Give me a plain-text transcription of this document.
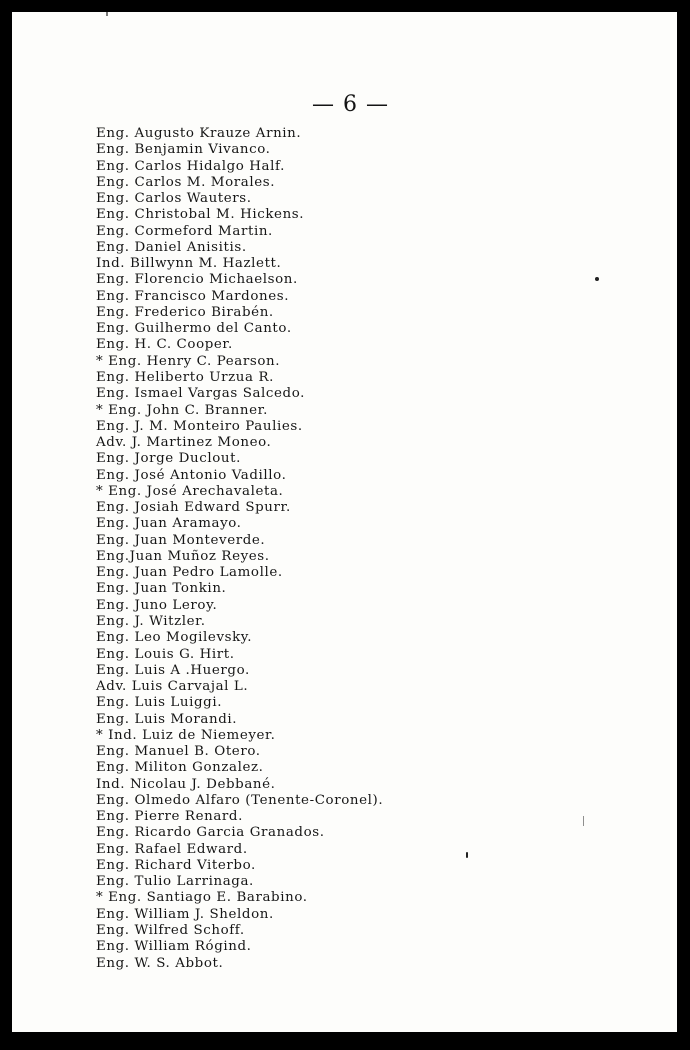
— 6 —
Eng. Augusto Krauze Arnin.
Eng. Benjamin Vivanco.
Eng. Carlos Hidalgo Half.
Eng. Carlos M. Morales.
Eng. Carlos Wauters.
Eng. Christobal M. Hickens.
Eng. Cormeford Martin.
Eng. Daniel Anisitis.
Ind. Billwynn M. Hazlett.
Eng. Florencio Michaelson.
Eng. Francisco Mardones.
Eng. Frederico Birabén.
Eng. Guilhermo del Canto.
Eng. H. C. Cooper.
* Eng. Henry C. Pearson.
Eng. Heliberto Urzua R.
Eng. Ismael Vargas Salcedo.
* Eng. John C. Branner.
Eng. J. M. Monteiro Paulies.
Adv. J. Martinez Moneo.
Eng. Jorge Duclout.
Eng. José Antonio Vadillo.
* Eng. José Arechavaleta.
Eng. Josiah Edward Spurr.
Eng. Juan Aramayo.
Eng. Juan Monteverde.
Eng.Juan Muñoz Reyes.
Eng. Juan Pedro Lamolle.
Eng. Juan Tonkin.
Eng. Juno Leroy.
Eng. J. Witzler.
Eng. Leo Mogilevsky.
Eng. Louis G. Hirt.
Eng. Luis A .Huergo.
Adv. Luis Carvajal L.
Eng. Luis Luiggi.
Eng. Luis Morandi.
* Ind. Luiz de Niemeyer.
Eng. Manuel B. Otero.
Eng. Militon Gonzalez.
Ind. Nicolau J. Debbané.
Eng. Olmedo Alfaro (Tenente-Coronel).
Eng. Pierre Renard.
Eng. Ricardo Garcia Granados.
Eng. Rafael Edward.
Eng. Richard Viterbo.
Eng. Tulio Larrinaga.
* Eng. Santiago E. Barabino.
Eng. William J. Sheldon.
Eng. Wilfred Schoff.
Eng. William Rógind.
Eng. W. S. Abbot.
